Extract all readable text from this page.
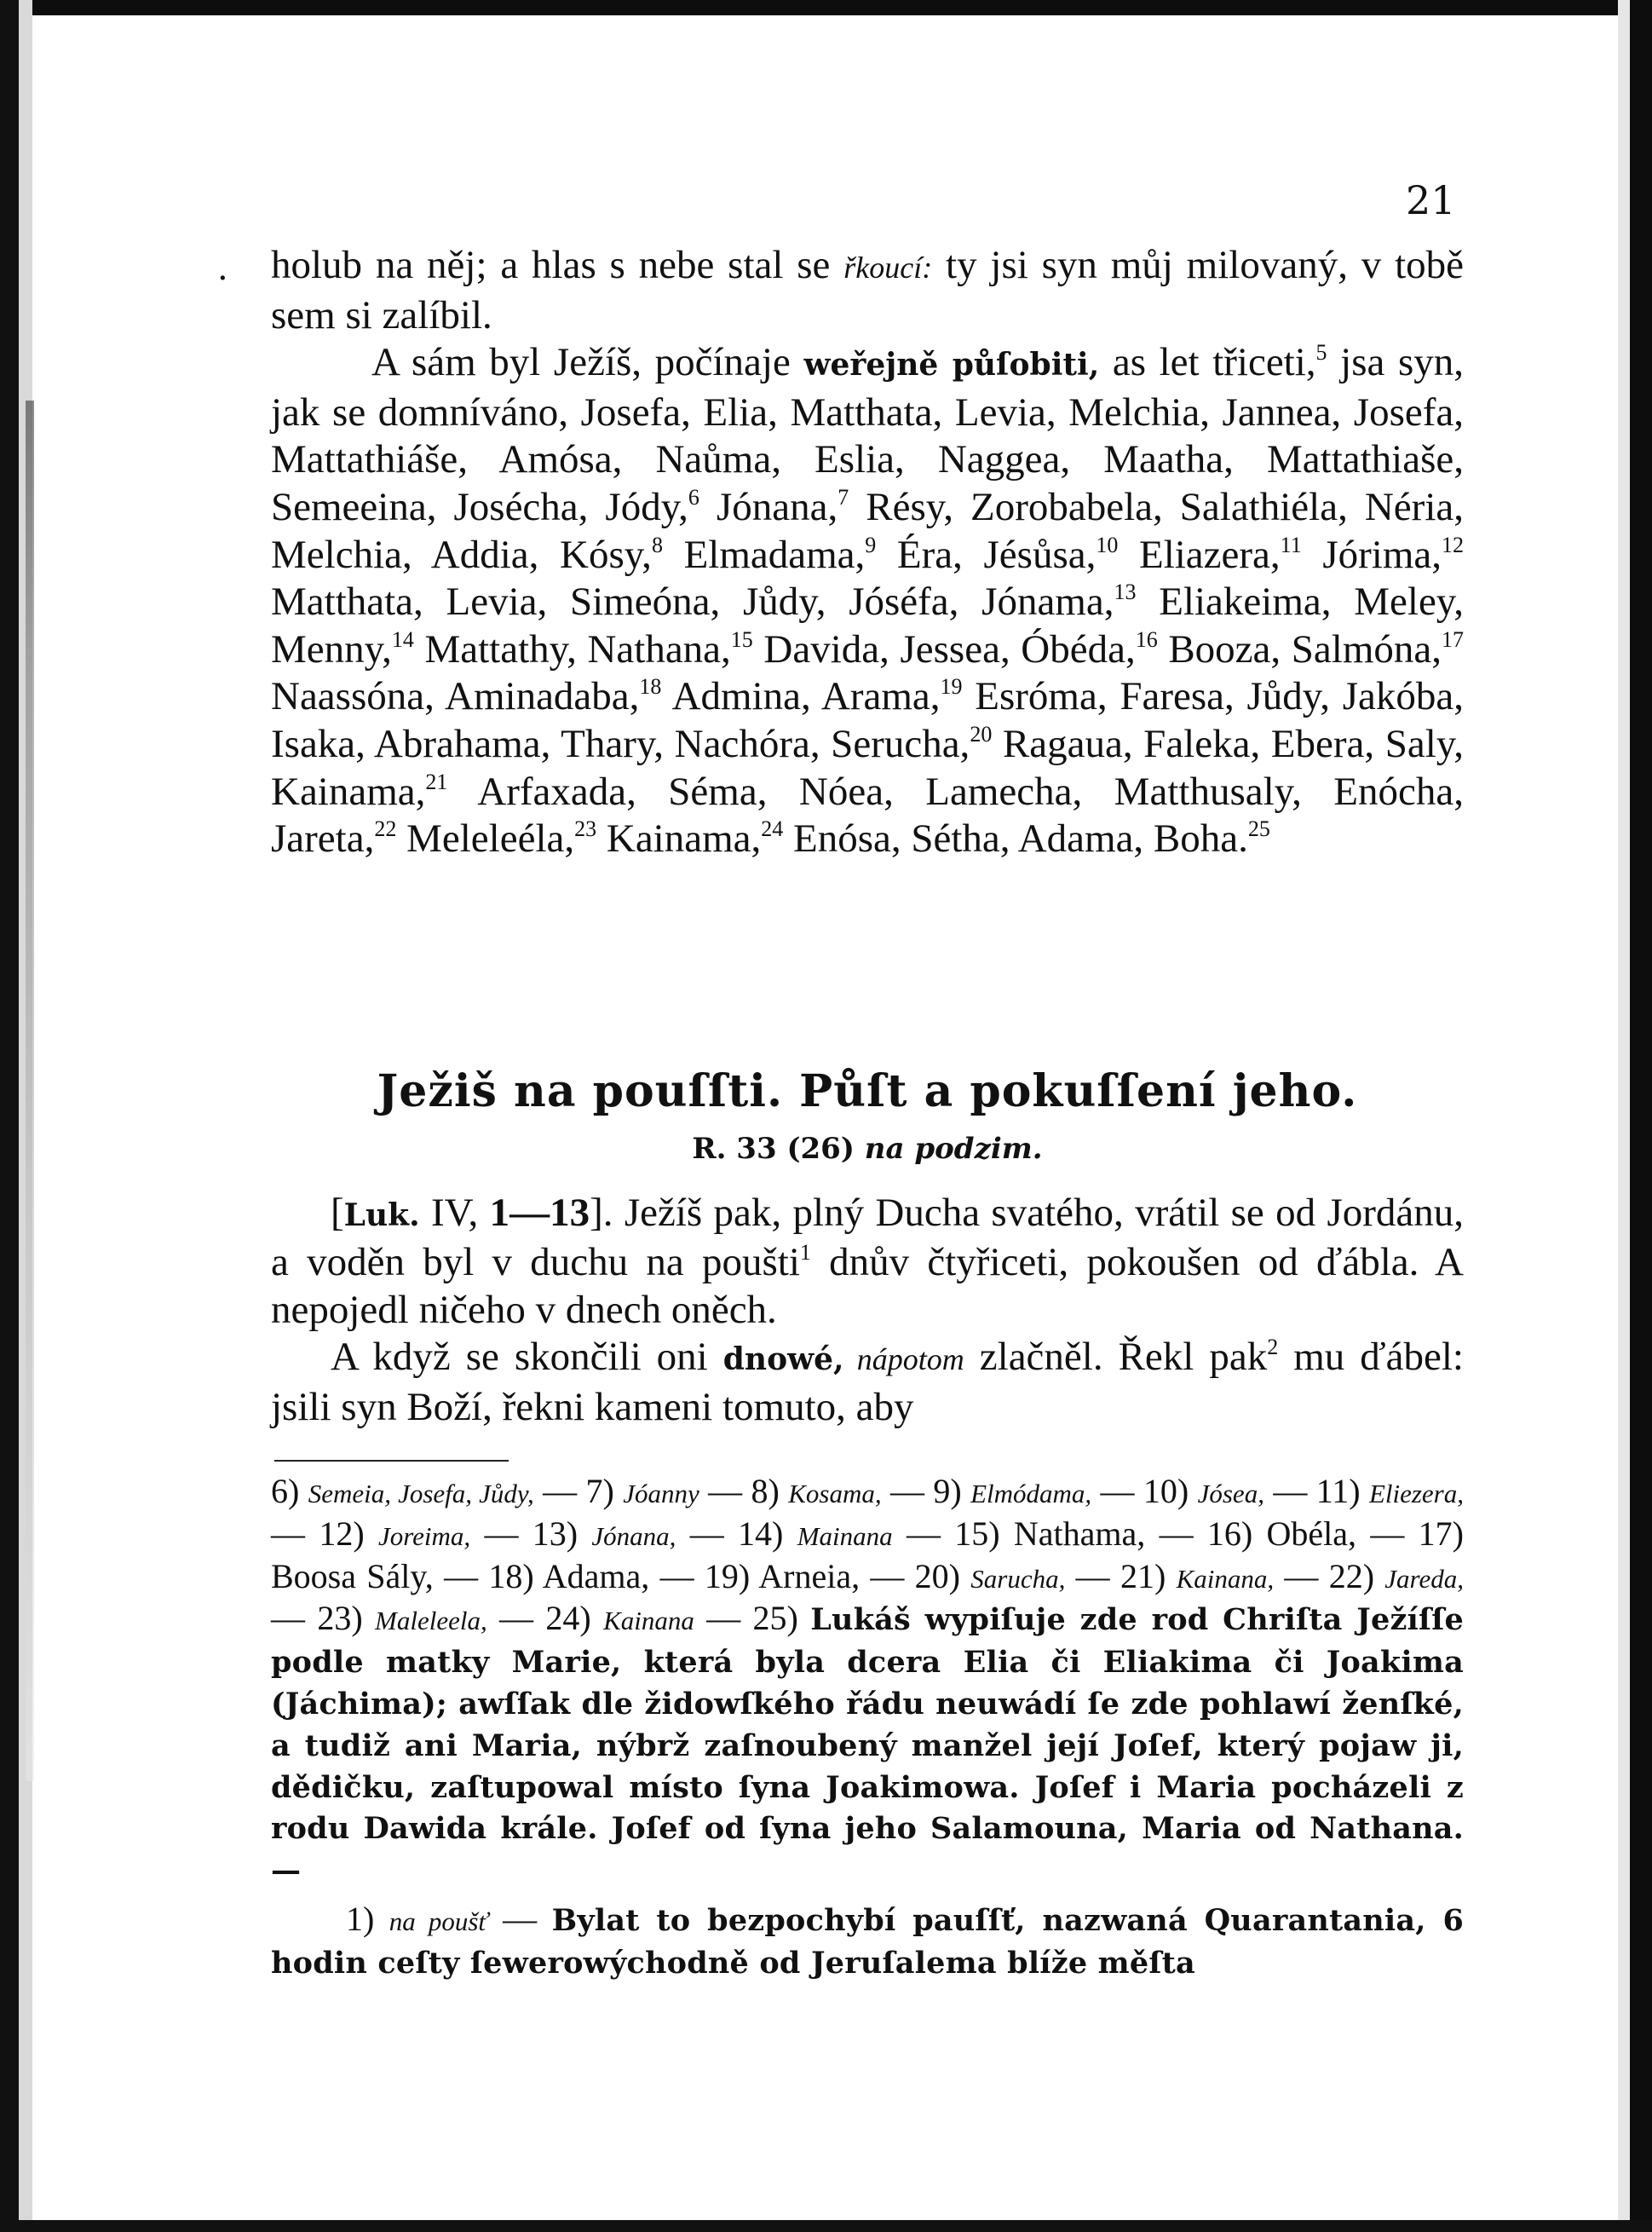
21
. holub na něj; a hlas s nebe stal se řkoucí: ty jsi syn můj milovaný, v tobě sem si zalíbil.

A sám byl Ježíš, počínaje weřejně půſobiti, as let třiceti,$^5$ jsa syn, jak se domníváno, Josefa, Elia, Matthata, Levia, Melchia, Jannea, Josefa, Mattathiáše, Amósa, Naůma, Eslia, Naggea, Maatha, Mattathiaše, Semeeina, Josécha, Jódy,$^6$ Jónana,$^7$ Résy, Zorobabela, Salathiéla, Néria, Melchia, Addia, Kósy,$^8$ Elmadama,$^9$ Éra, Jésůsa,$^{10}$ Eliazera,$^{11}$ Jórima,$^{12}$ Matthata, Levia, Simeóna, Jůdy, Jóséfa, Jónama,$^{13}$ Eliakeima, Meley, Menny,$^{14}$ Mattathy, Nathana,$^{15}$ Davida, Jessea, Óbéda,$^{16}$ Booza, Salmóna,$^{17}$ Naassóna, Aminadaba,$^{18}$ Admina, Arama,$^{19}$ Esróma, Faresa, Jůdy, Jakóba, Isaka, Abrahama, Thary, Nachóra, Serucha,$^{20}$ Ragaua, Faleka, Ebera, Saly, Kainama,$^{21}$ Arfaxada, Séma, Nóea, Lamecha, Matthusaly, Enócha, Jareta,$^{22}$ Meleleéla,$^{23}$ Kainama,$^{24}$ Enósa, Sétha, Adama, Boha.$^{25}$

Ježiš na pouſſti. Půſt a pokuſſení jeho.
R. 33 (26) na podzim.

[Luk. IV, 1—13]. Ježíš pak, plný Ducha svatého, vrátil se od Jordánu, a voděn byl v duchu na poušti$^1$ dnův čtyřiceti, pokoušen od ďábla. A nepojedl ničeho v dnech oněch.

A když se skončili oni dnowé, nápotom zlačněl. Řekl pak$^2$ mu ďábel: jsili syn Boží, řekni kameni tomuto, aby

6) Semeia, Josefa, Jůdy, — 7) Jóanny — 8) Kosama, — 9) Elmódama, — 10) Jósea, — 11) Eliezera, — 12) Joreima, — 13) Jónana, — 14) Mainana — 15) Nathama, — 16) Obéla, — 17) Boosa Sály, — 18) Adama, — 19) Arneia, — 20) Sarucha, — 21) Kainana, — 22) Jareda, — 23) Maleleela, — 24) Kainana — 25) Lukáš wypiſuje zde rod Chriſta Ježíſſe podle matky Marie, která byla dcera Elia či Eliakima či Joakima (Jáchima); awſſak dle židowſkého řádu neuwádí ſe zde pohlawí ženſké, a tudiž ani Maria, nýbrž zaſnoubený manžel její Joſef, který pojaw ji, dědičku, zaſtupowal místo ſyna Joakimowa. Joſef i Maria pocházeli z rodu Dawida krále. Joſef od ſyna jeho Salamouna, Maria od Nathana. —

1) na poušť — Bylat to bezpochybí pauſſť, nazwaná Quarantania, 6 hodin ceſty ſewerowýchodně od Jeruſalema blíže měſta
